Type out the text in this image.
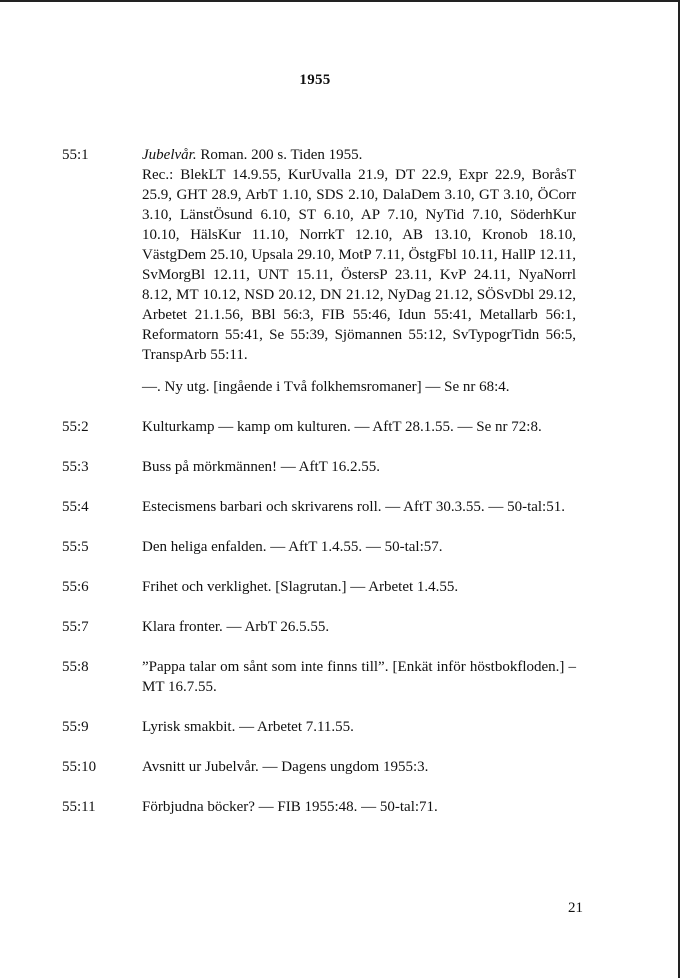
1955
55:1	Jubelvår. Roman. 200 s. Tiden 1955.
Rec.: BlekLT 14.9.55, KurUvalla 21.9, DT 22.9, Expr 22.9, BoråsT 25.9, GHT 28.9, ArbT 1.10, SDS 2.10, DalaDem 3.10, GT 3.10, ÖCorr 3.10, LänstÖsund 6.10, ST 6.10, AP 7.10, NyTid 7.10, SöderhKur 10.10, HälsKur 11.10, NorrkT 12.10, AB 13.10, Kronob 18.10, VästgDem 25.10, Upsala 29.10, MotP 7.11, ÖstgFbl 10.11, HallP 12.11, SvMorgBl 12.11, UNT 15.11, ÖstersP 23.11, KvP 24.11, NyaNorrl 8.12, MT 10.12, NSD 20.12, DN 21.12, NyDag 21.12, SÖSvDbl 29.12, Arbetet 21.1.56, BBl 56:3, FIB 55:46, Idun 55:41, Metallarb 56:1, Reformatorn 55:41, Se 55:39, Sjömannen 55:12, SvTypogrTidn 56:5, TranspArb 55:11.

—. Ny utg. [ingående i Två folkhemsromaner] — Se nr 68:4.

55:2	Kulturkamp — kamp om kulturen. — AftT 28.1.55. — Se nr 72:8.
55:3	Buss på mörkmännen! — AftT 16.2.55.
55:4	Estecismens barbari och skrivarens roll. — AftT 30.3.55. — 50-tal:51.
55:5	Den heliga enfalden. — AftT 1.4.55. — 50-tal:57.
55:6	Frihet och verklighet. [Slagrutan.] — Arbetet 1.4.55.
55:7	Klara fronter. — ArbT 26.5.55.
55:8	”Pappa talar om sånt som inte finns till”. [Enkät inför höstbokfloden.] – MT 16.7.55.
55:9	Lyrisk smakbit. — Arbetet 7.11.55.
55:10	Avsnitt ur Jubelvår. — Dagens ungdom 1955:3.
55:11	Förbjudna böcker? — FIB 1955:48. — 50-tal:71.
21
